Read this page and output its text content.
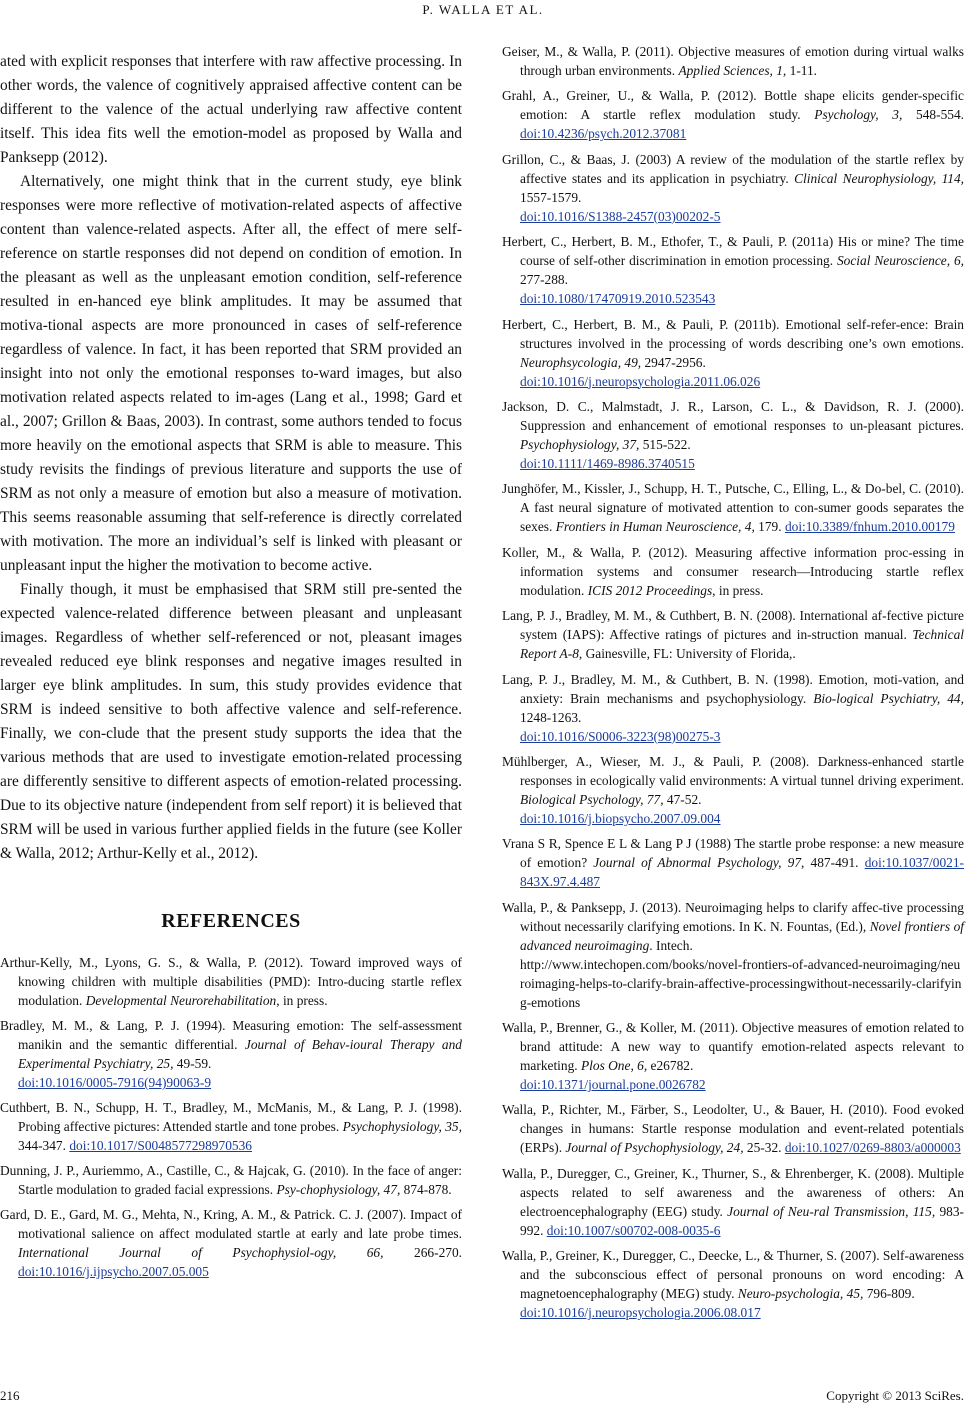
P. WALLA ET AL.

ated with explicit responses that interfere with raw affective processing. In other words, the valence of cognitively appraised affective content can be different to the valence of the actual underlying raw affective content itself. This idea fits well the emotion-model as proposed by Walla and Panksepp (2012).

Alternatively, one might think that in the current study, eye blink responses were more reflective of motivation-related aspects of affective content than valence-related aspects. After all, the effect of mere self-reference on startle responses did not depend on condition of emotion. In the pleasant as well as the unpleasant emotion condition, self-reference resulted in en-hanced eye blink amplitudes. It may be assumed that motiva-tional aspects are more pronounced in cases of self-reference regardless of valence. In fact, it has been reported that SRM provided an insight into not only the emotional responses to-ward images, but also motivation related aspects related to im-ages (Lang et al., 1998; Gard et al., 2007; Grillon & Baas, 2003). In contrast, some authors tended to focus more heavily on the emotional aspects that SRM is able to measure. This study revisits the findings of previous literature and supports the use of SRM as not only a measure of emotion but also a measure of motivation. This seems reasonable assuming that self-reference is directly correlated with motivation. The more an individual’s self is linked with pleasant or unpleasant input the higher the motivation to become active.

Finally though, it must be emphasised that SRM still pre-sented the expected valence-related difference between pleasant and unpleasant images. Regardless of whether self-referenced or not, pleasant images revealed reduced eye blink responses and negative images resulted in larger eye blink amplitudes. In sum, this study provides evidence that SRM is indeed sensitive to both affective valence and self-reference. Finally, we con-clude that the present study supports the idea that the various methods that are used to investigate emotion-related processing are differently sensitive to different aspects of emotion-related processing. Due to its objective nature (independent from self report) it is believed that SRM will be used in various further applied fields in the future (see Koller & Walla, 2012; Arthur-Kelly et al., 2012).

REFERENCES

Arthur-Kelly, M., Lyons, G. S., & Walla, P. (2012). Toward improved ways of knowing children with multiple disabilities (PMD): Intro-ducing startle reflex modulation. Developmental Neurorehabilitation, in press.

Bradley, M. M., & Lang, P. J. (1994). Measuring emotion: The self-assessment manikin and the semantic differential. Journal of Behav-ioural Therapy and Experimental Psychiatry, 25, 49-59.
doi:10.1016/0005-7916(94)90063-9

Cuthbert, B. N., Schupp, H. T., Bradley, M., McManis, M., & Lang, P. J. (1998). Probing affective pictures: Attended startle and tone probes. Psychophysiology, 35, 344-347. doi:10.1017/S0048577298970536

Dunning, J. P., Auriemmo, A., Castille, C., & Hajcak, G. (2010). In the face of anger: Startle modulation to graded facial expressions. Psy-chophysiology, 47, 874-878.

Gard, D. E., Gard, M. G., Mehta, N., Kring, A. M., & Patrick. C. J. (2007). Impact of motivational salience on affect modulated startle at early and late probe times. International Journal of Psychophysiol-ogy, 66, 266-270. doi:10.1016/j.ijpsycho.2007.05.005

Geiser, M., & Walla, P. (2011). Objective measures of emotion during virtual walks through urban environments. Applied Sciences, 1, 1-11.

Grahl, A., Greiner, U., & Walla, P. (2012). Bottle shape elicits gender-specific emotion: A startle reflex modulation study. Psychology, 3, 548-554. doi:10.4236/psych.2012.37081

Grillon, C., & Baas, J. (2003) A review of the modulation of the startle reflex by affective states and its application in psychiatry. Clinical Neurophysiology, 114, 1557-1579.
doi:10.1016/S1388-2457(03)00202-5

Herbert, C., Herbert, B. M., Ethofer, T., & Pauli, P. (2011a) His or mine? The time course of self-other discrimination in emotion processing. Social Neuroscience, 6, 277-288.
doi:10.1080/17470919.2010.523543

Herbert, C., Herbert, B. M., & Pauli, P. (2011b). Emotional self-refer-ence: Brain structures involved in the processing of words describing one’s own emotions. Neurophsycologia, 49, 2947-2956.
doi:10.1016/j.neuropsychologia.2011.06.026

Jackson, D. C., Malmstadt, J. R., Larson, C. L., & Davidson, R. J. (2000). Suppression and enhancement of emotional responses to un-pleasant pictures. Psychophysiology, 37, 515-522.
doi:10.1111/1469-8986.3740515

Junghöfer, M., Kissler, J., Schupp, H. T., Putsche, C., Elling, L., & Do-bel, C. (2010). A fast neural signature of motivated attention to con-sumer goods separates the sexes. Frontiers in Human Neuroscience, 4, 179. doi:10.3389/fnhum.2010.00179

Koller, M., & Walla, P. (2012). Measuring affective information proc-essing in information systems and consumer research—Introducing startle reflex modulation. ICIS 2012 Proceedings, in press.

Lang, P. J., Bradley, M. M., & Cuthbert, B. N. (2008). International af-fective picture system (IAPS): Affective ratings of pictures and in-struction manual. Technical Report A-8, Gainesville, FL: University of Florida,.

Lang, P. J., Bradley, M. M., & Cuthbert, B. N. (1998). Emotion, moti-vation, and anxiety: Brain mechanisms and psychophysiology. Bio-logical Psychiatry, 44, 1248-1263.
doi:10.1016/S0006-3223(98)00275-3

Mühlberger, A., Wieser, M. J., & Pauli, P. (2008). Darkness-enhanced startle responses in ecologically valid environments: A virtual tunnel driving experiment. Biological Psychology, 77, 47-52.
doi:10.1016/j.biopsycho.2007.09.004

Vrana S R, Spence E L & Lang P J (1988) The startle probe response: a new measure of emotion? Journal of Abnormal Psychology, 97, 487-491. doi:10.1037/0021-843X.97.4.487

Walla, P., & Panksepp, J. (2013). Neuroimaging helps to clarify affec-tive processing without necessarily clarifying emotions. In K. N. Fountas, (Ed.), Novel frontiers of advanced neuroimaging. Intech.
http://www.intechopen.com/books/novel-frontiers-of-advanced-neuroimaging/neuroimaging-helps-to-clarify-brain-affective-processingwithout-necessarily-clarifying-emotions

Walla, P., Brenner, G., & Koller, M. (2011). Objective measures of emotion related to brand attitude: A new way to quantify emotion-related aspects relevant to marketing. Plos One, 6, e26782.
doi:10.1371/journal.pone.0026782

Walla, P., Richter, M., Färber, S., Leodolter, U., & Bauer, H. (2010). Food evoked changes in humans: Startle response modulation and event-related potentials (ERPs). Journal of Psychophysiology, 24, 25-32. doi:10.1027/0269-8803/a000003

Walla, P., Duregger, C., Greiner, K., Thurner, S., & Ehrenberger, K. (2008). Multiple aspects related to self awareness and the awareness of others: An electroencephalography (EEG) study. Journal of Neu-ral Transmission, 115, 983-992. doi:10.1007/s00702-008-0035-6

Walla, P., Greiner, K., Duregger, C., Deecke, L., & Thurner, S. (2007). Self-awareness and the subconscious effect of personal pronouns on word encoding: A magnetoencephalography (MEG) study. Neuro-psychologia, 45, 796-809.
doi:10.1016/j.neuropsychologia.2006.08.017

216	Copyright © 2013 SciRes.
